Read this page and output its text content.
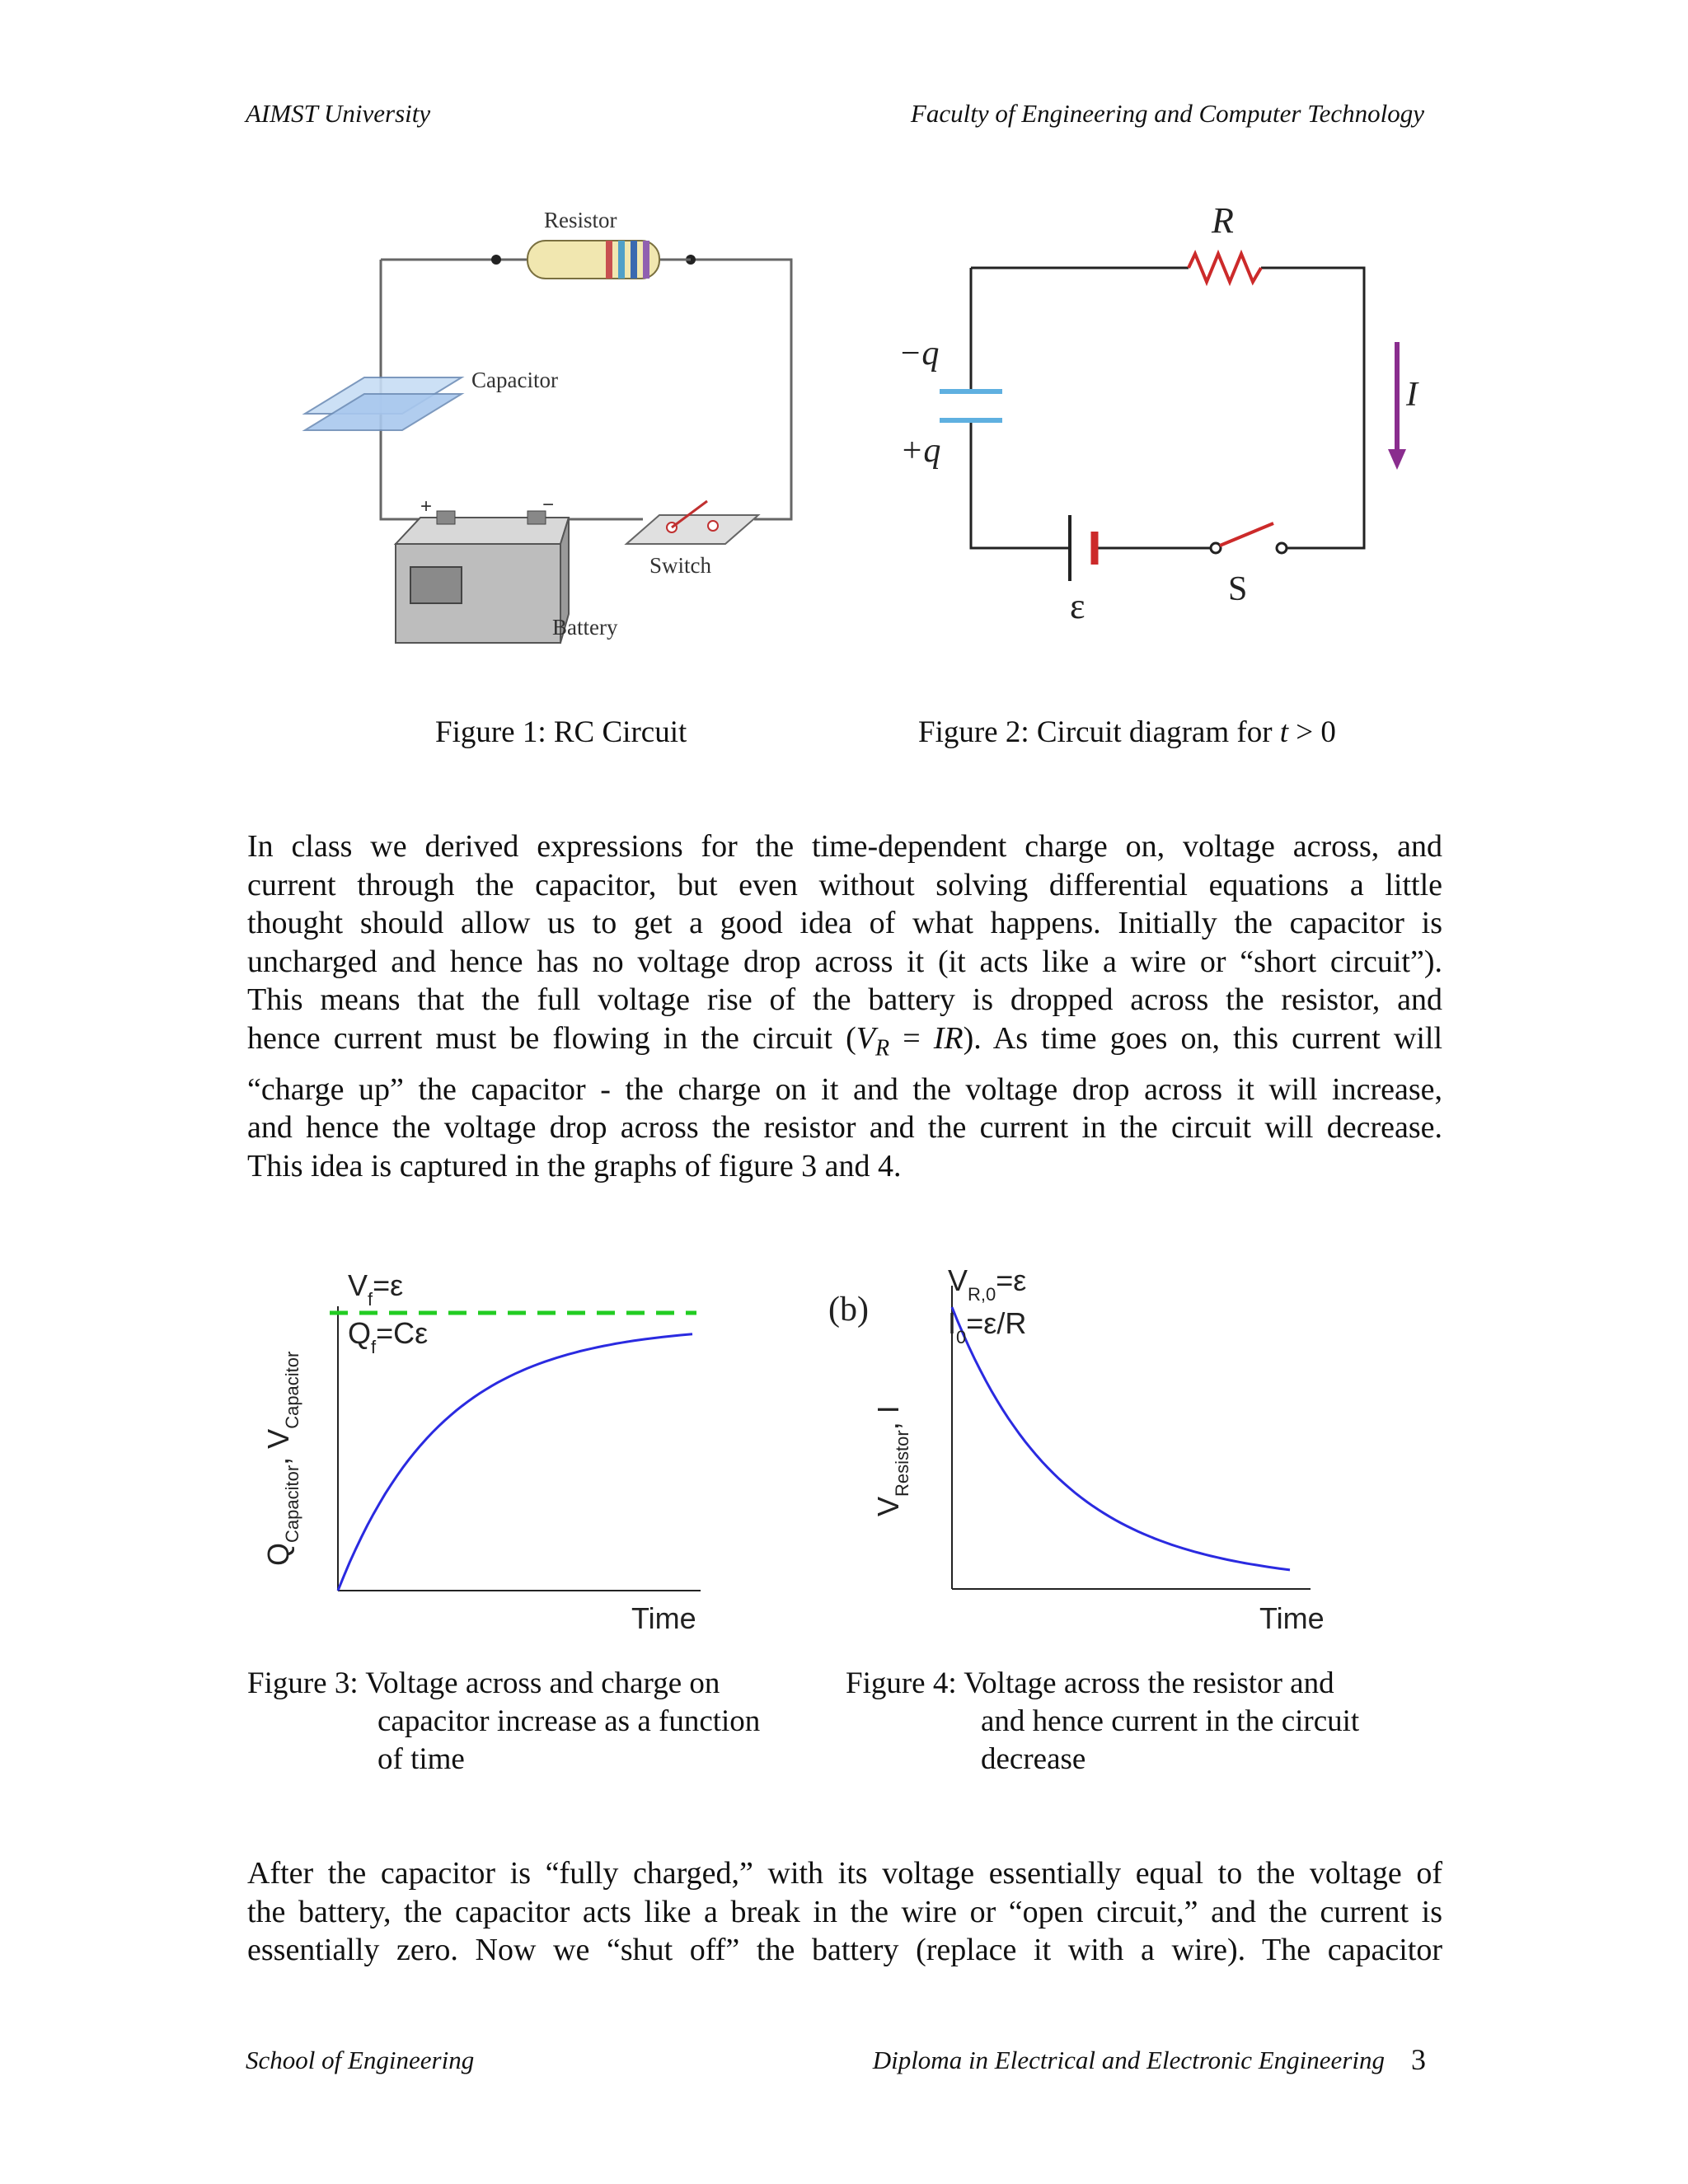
AIMST University	Faculty of Engineering and Computer Technology
Resistor
Capacitor
+	−
Battery
Switch
R
−q
+q
ε	S
I
Figure 1: RC Circuit	Figure 2: Circuit diagram for t > 0
In class we derived expressions for the time-dependent charge on, voltage across, and
current through the capacitor, but even without solving differential equations a little
thought should allow us to get a good idea of what happens. Initially the capacitor is
uncharged and hence has no voltage drop across it (it acts like a wire or “short circuit”).
This means that the full voltage rise of the battery is dropped across the resistor, and
hence current must be flowing in the circuit $(V_R = IR)$. As time goes on, this current will
“charge up” the capacitor - the charge on it and the voltage drop across it will increase,
and hence the voltage drop across the resistor and the current in the circuit will decrease.
This idea is captured in the graphs of figure 3 and 4.
$V_f=\varepsilon$
$Q_f=C\varepsilon$
Time
$Q_{Capacitor}$, $V_{Capacitor}$
(b)
$V_{R,0}=\varepsilon$
$I_0=\varepsilon/R$
Time
$V_{Resistor}$, I
Figure 3: Voltage across and charge on
capacitor increase as a function
of time
Figure 4: Voltage across the resistor and
and hence current in the circuit
decrease
After the capacitor is “fully charged,” with its voltage essentially equal to the voltage of
the battery, the capacitor acts like a break in the wire or “open circuit,” and the current is
essentially zero. Now we “shut off” the battery (replace it with a wire). The capacitor
School of Engineering	Diploma in Electrical and Electronic Engineering 3
